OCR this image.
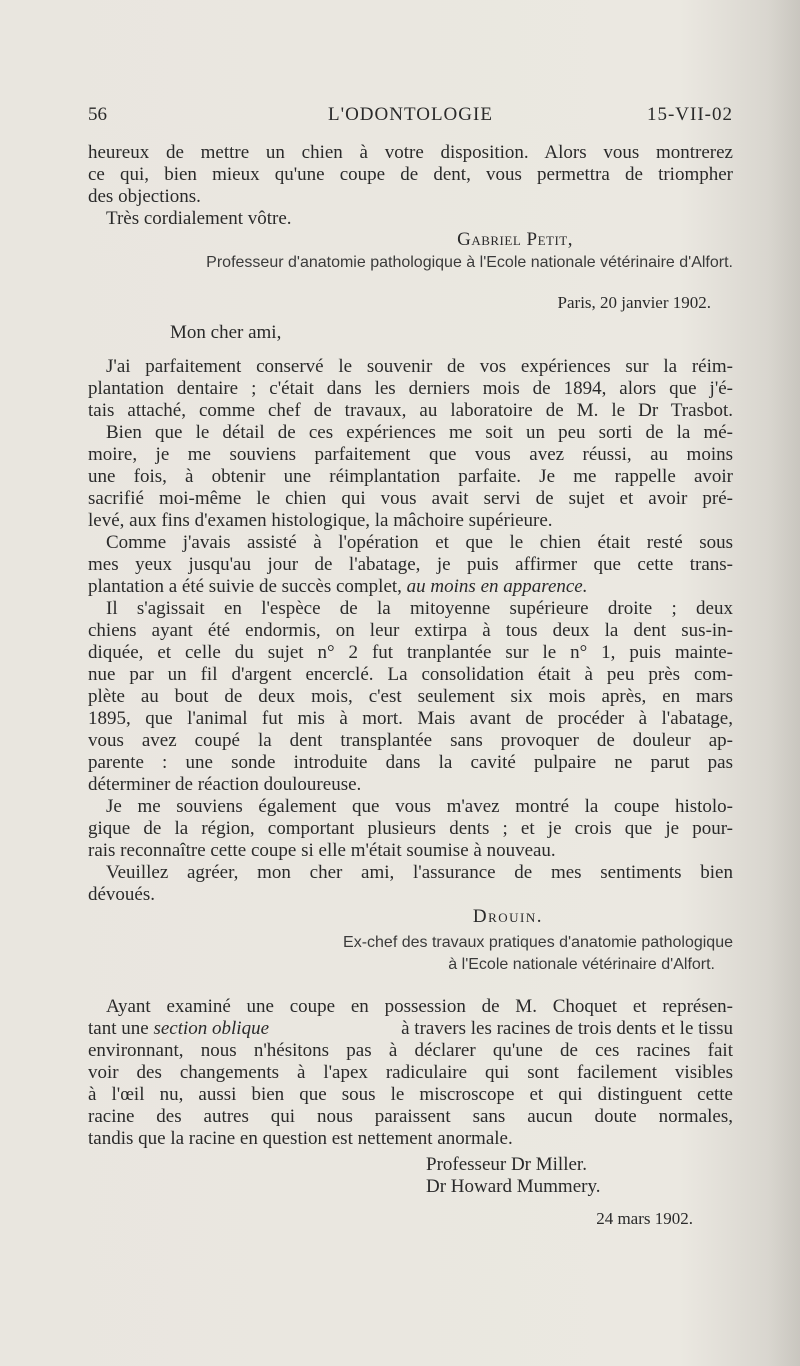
56	L'ODONTOLOGIE	15-VII-02
heureux de mettre un chien à votre disposition. Alors vous montrerez
ce qui, bien mieux qu'une coupe de dent, vous permettra de triompher
des objections.
Très cordialement vôtre.
Gabriel Petit,
Professeur d'anatomie pathologique à l'Ecole nationale vétérinaire d'Alfort.
Paris, 20 janvier 1902.
Mon cher ami,
J'ai parfaitement conservé le souvenir de vos expériences sur la réim-
plantation dentaire ; c'était dans les derniers mois de 1894, alors que j'é-
tais attaché, comme chef de travaux, au laboratoire de M. le Dr Trasbot.
Bien que le détail de ces expériences me soit un peu sorti de la mé-
moire, je me souviens parfaitement que vous avez réussi, au moins
une fois, à obtenir une réimplantation parfaite. Je me rappelle avoir
sacrifié moi-même le chien qui vous avait servi de sujet et avoir pré-
levé, aux fins d'examen histologique, la mâchoire supérieure.
Comme j'avais assisté à l'opération et que le chien était resté sous
mes yeux jusqu'au jour de l'abatage, je puis affirmer que cette trans-
plantation a été suivie de succès complet, au moins en apparence.
Il s'agissait en l'espèce de la mitoyenne supérieure droite ; deux
chiens ayant été endormis, on leur extirpa à tous deux la dent sus-in-
diquée, et celle du sujet n° 2 fut tranplantée sur le n° 1, puis mainte-
nue par un fil d'argent encerclé. La consolidation était à peu près com-
plète au bout de deux mois, c'est seulement six mois après, en mars
1895, que l'animal fut mis à mort. Mais avant de procéder à l'abatage,
vous avez coupé la dent transplantée sans provoquer de douleur ap-
parente : une sonde introduite dans la cavité pulpaire ne parut pas
déterminer de réaction douloureuse.
Je me souviens également que vous m'avez montré la coupe histolo-
gique de la région, comportant plusieurs dents ; et je crois que je pour-
rais reconnaître cette coupe si elle m'était soumise à nouveau.
Veuillez agréer, mon cher ami, l'assurance de mes sentiments bien
dévoués.
Drouin.
Ex-chef des travaux pratiques d'anatomie pathologique
à l'Ecole nationale vétérinaire d'Alfort.
Ayant examiné une coupe en possession de M. Choquet et représen-
tant une section oblique	à travers les racines de trois dents et le tissu
environnant, nous n'hésitons pas à déclarer qu'une de ces racines fait
voir des changements à l'apex radiculaire qui sont facilement visibles
à l'œil nu, aussi bien que sous le miscroscope et qui distinguent cette
racine des autres qui nous paraissent sans aucun doute normales,
tandis que la racine en question est nettement anormale.
Professeur Dr Miller.
Dr Howard Mummery.
24 mars 1902.
